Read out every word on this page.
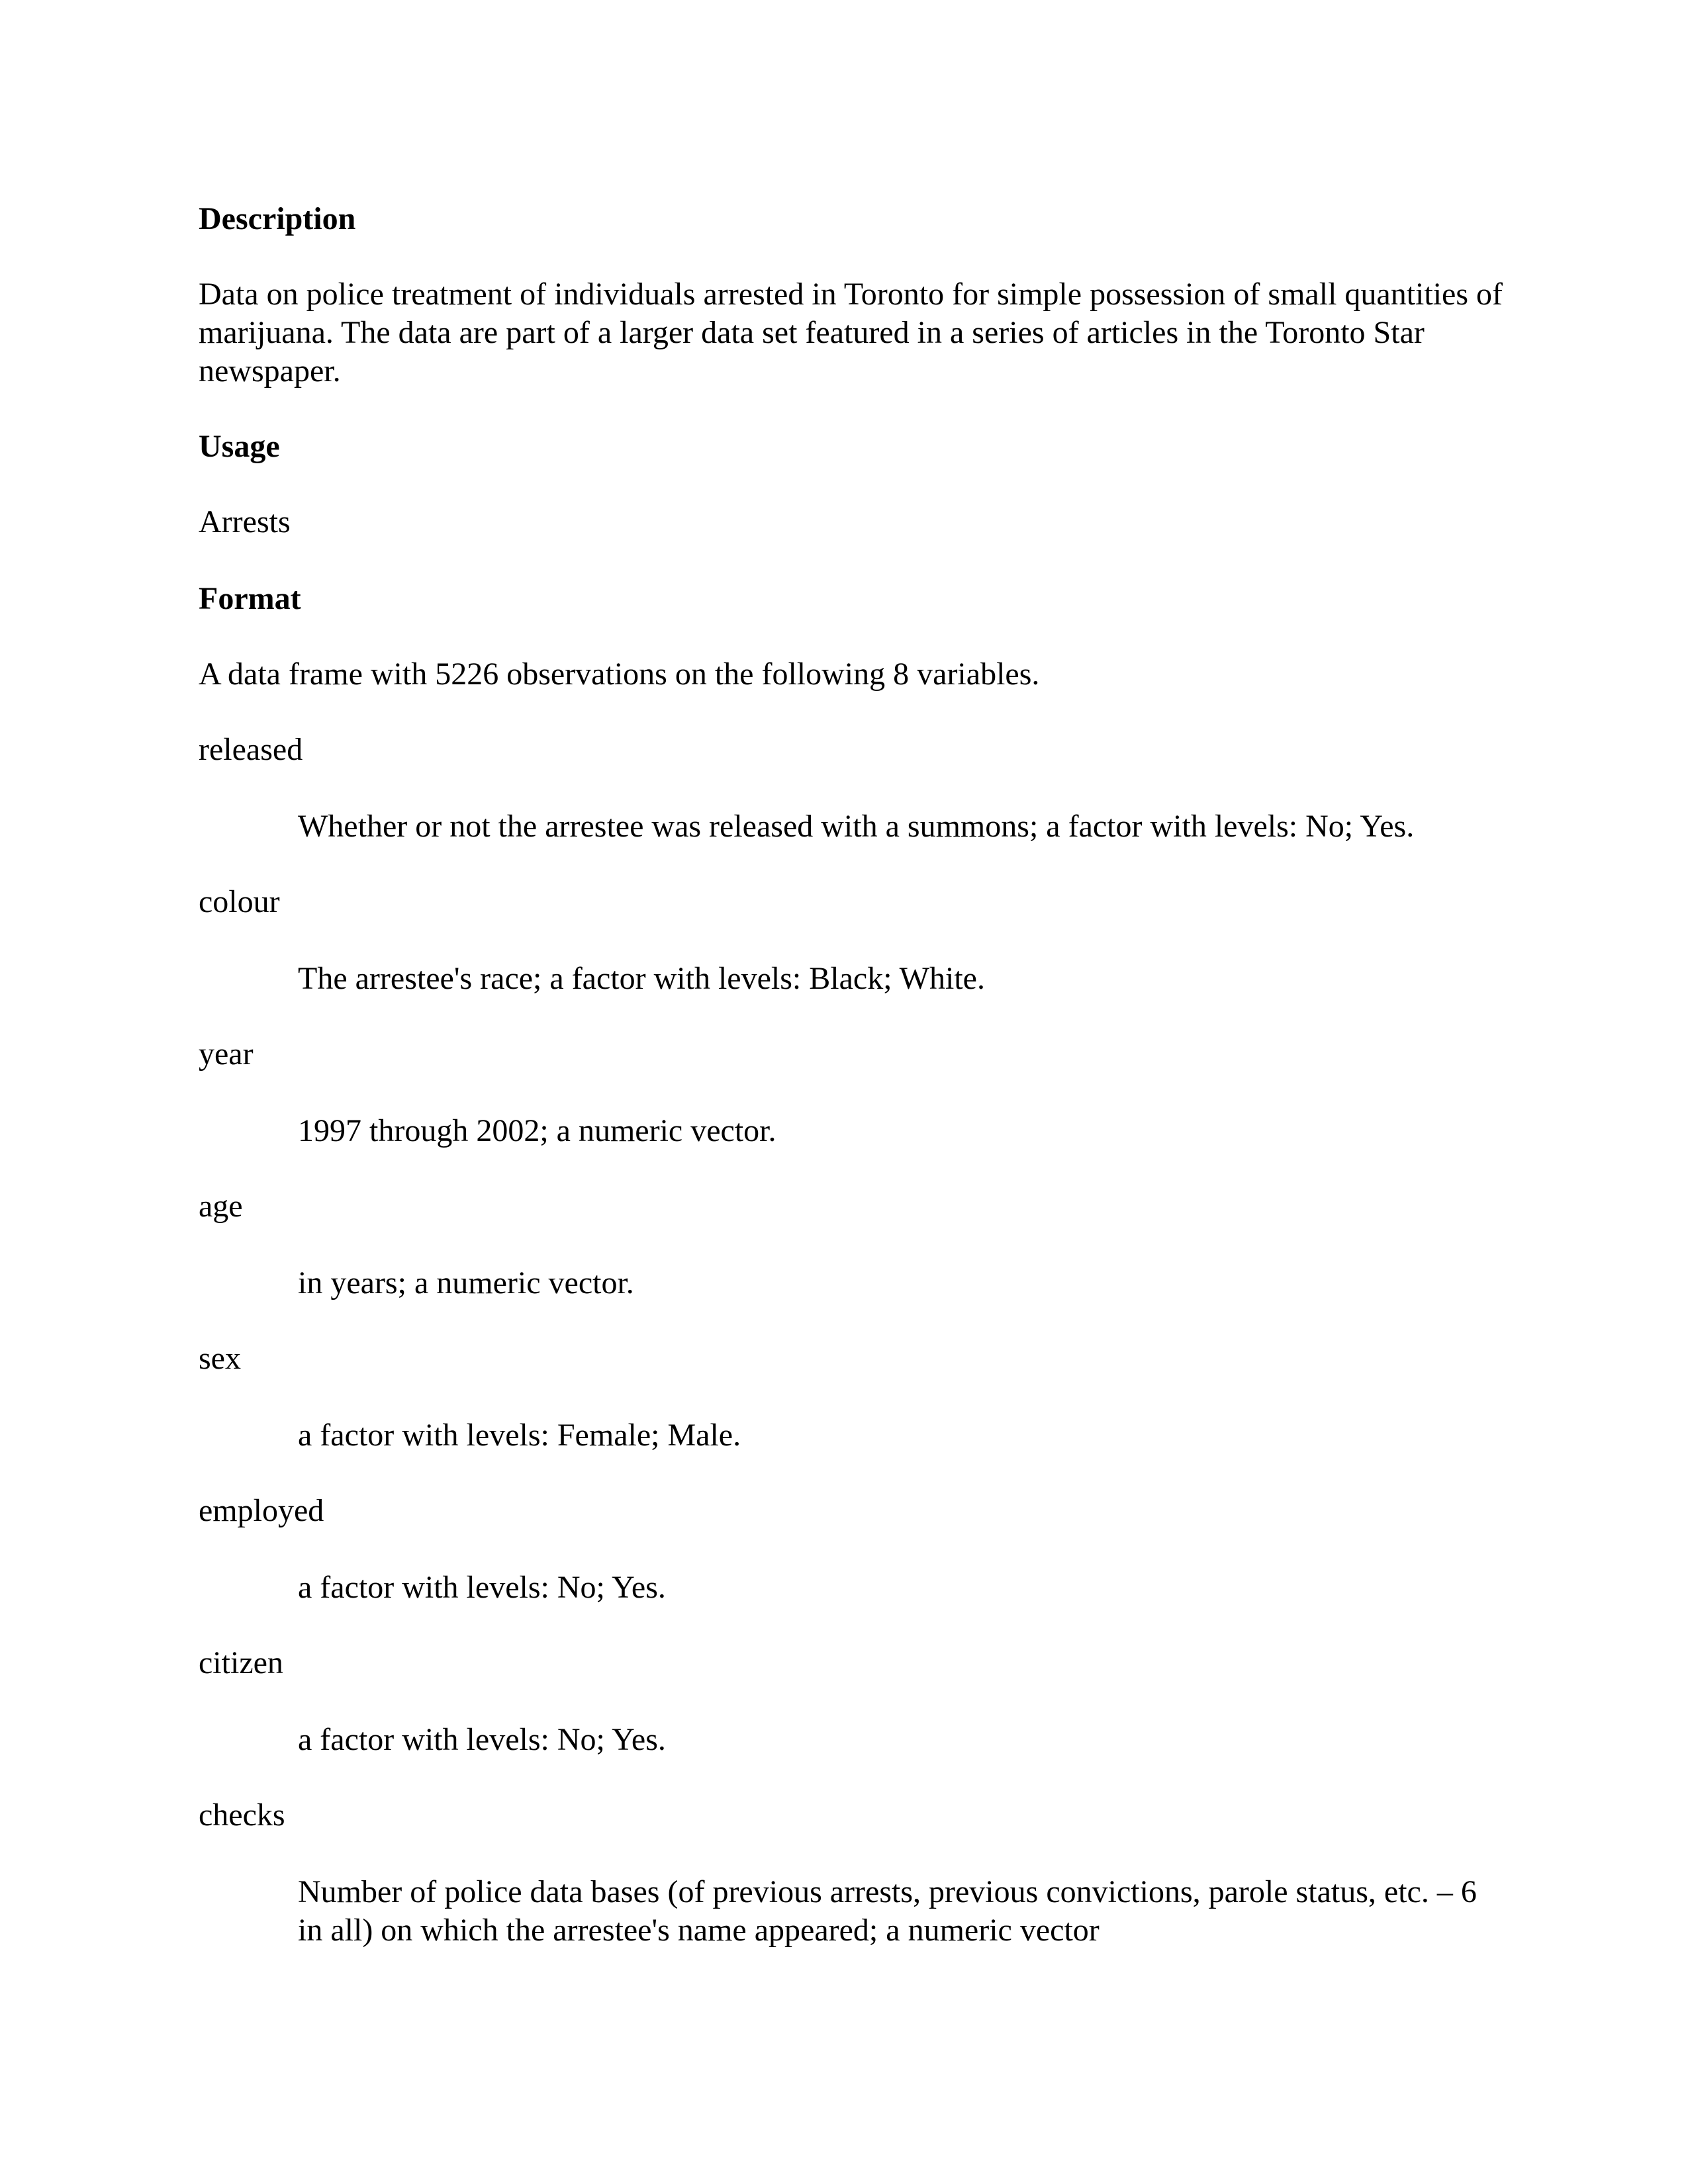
Description

Data on police treatment of individuals arrested in Toronto for simple possession of small quantities of marijuana. The data are part of a larger data set featured in a series of articles in the Toronto Star newspaper.

Usage

Arrests

Format

A data frame with 5226 observations on the following 8 variables.

released

Whether or not the arrestee was released with a summons; a factor with levels: No; Yes.

colour

The arrestee's race; a factor with levels: Black; White.

year

1997 through 2002; a numeric vector.

age

in years; a numeric vector.

sex

a factor with levels: Female; Male.

employed

a factor with levels: No; Yes.

citizen

a factor with levels: No; Yes.

checks

Number of police data bases (of previous arrests, previous convictions, parole status, etc. – 6 in all) on which the arrestee's name appeared; a numeric vector
